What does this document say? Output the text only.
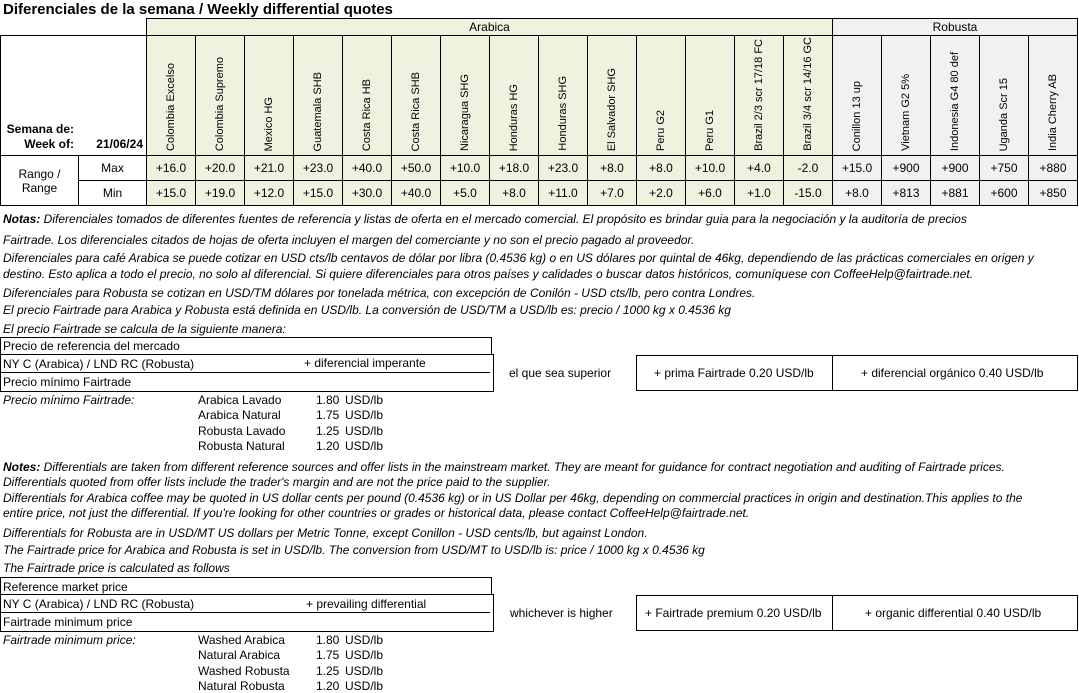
Diferenciales de la semana / Weekly differential quotes
		Arabica														Robusta				

Semana de:
Week of: 21/06/24		Colombia Excelso	Colombia Supremo	Mexico HG	Guatemala SHB	Costa Rica HB	Costa Rica SHB	Nicaragua SHG	Honduras HG	Honduras SHG	El Salvador SHG	Peru G2	Peru G1	Brazil 2/3 scr 17/18 FC	Brazil 3/4 scr 14/16 GC	Conillon 13 up	Vietnam G2 5%	Indonesia G4 80 def	Uganda Scr 15	India Cherry AB

Rango / Range	Max	+16.0	+20.0	+21.0	+23.0	+40.0	+50.0	+10.0	+18.0	+23.0	+8.0	+8.0	+10.0	+4.0	-2.0	+15.0	+900	+900	+750	+880
	Min	+15.0	+19.0	+12.0	+15.0	+30.0	+40.0	+5.0	+8.0	+11.0	+7.0	+2.0	+6.0	+1.0	-15.0	+8.0	+813	+881	+600	+850
Notas: Diferenciales tomados de diferentes fuentes de referencia y listas de oferta en el mercado comercial. El propósito es brindar guia para la negociación y la auditoría de precios
Fairtrade. Los diferenciales citados de hojas de oferta incluyen el margen del comerciante y no son el precio pagado al proveedor.
Diferenciales para café Arabica se puede cotizar en USD cts/lb centavos de dólar por libra (0.4536 kg) o en US dólares por quintal de 46kg, dependiendo de las prácticas comerciales en origen y
destino. Esto aplica a todo el precio, no solo al diferencial. Si quiere diferenciales para otros países y calidades o buscar datos históricos, comuníquese con CoffeeHelp@fairtrade.net.
Diferenciales para Robusta se cotizan en USD/TM dólares por tonelada métrica, con excepción de Conilón - USD cts/lb, pero contra Londres.
El precio Fairtrade para Arabica y Robusta está definida en USD/lb. La conversión de USD/TM a USD/lb es: precio / 1000 kg x 0.4536 kg
El precio Fairtrade se calcula de la siguiente manera:
Precio de referencia del mercado
NY C (Arabica) / LND RC (Robusta)	+ diferencial imperante
Precio mínimo Fairtrade
el que sea superior	+ prima Fairtrade 0.20 USD/lb	+ diferencial orgánico 0.40 USD/lb
Precio mínimo Fairtrade:	Arabica Lavado	1.80 USD/lb
Arabica Natural	1.75 USD/lb
Robusta Lavado	1.25 USD/lb
Robusta Natural	1.20 USD/lb
Notes: Differentials are taken from different reference sources and offer lists in the mainstream market. They are meant for guidance for contract negotiation and auditing of Fairtrade prices.
Differentials quoted from offer lists include the trader's margin and are not the price paid to the supplier.
Differentials for Arabica coffee may be quoted in US dollar cents per pound (0.4536 kg) or in US Dollar per 46kg, depending on commercial practices in origin and destination.This applies to the
entire price, not just the differential. If you're looking for other countries or grades or historical data, please contact CoffeeHelp@fairtrade.net.
Differentials for Robusta are in USD/MT US dollars per Metric Tonne, except Conillon - USD cents/lb, but against London.
The Fairtrade price for Arabica and Robusta is set in USD/lb. The conversion from USD/MT to USD/lb is: price / 1000 kg x 0.4536 kg
The Fairtrade price is calculated as follows
Reference market price
NY C (Arabica) / LND RC (Robusta)	+ prevailing differential
Fairtrade minimum price
whichever is higher	+ Fairtrade premium 0.20 USD/lb	+ organic differential 0.40 USD/lb
Fairtrade minimum price:	Washed Arabica	1.80 USD/lb
Natural Arabica	1.75 USD/lb
Washed Robusta 1.25 USD/lb
Natural Robusta	1.20 USD/lb
